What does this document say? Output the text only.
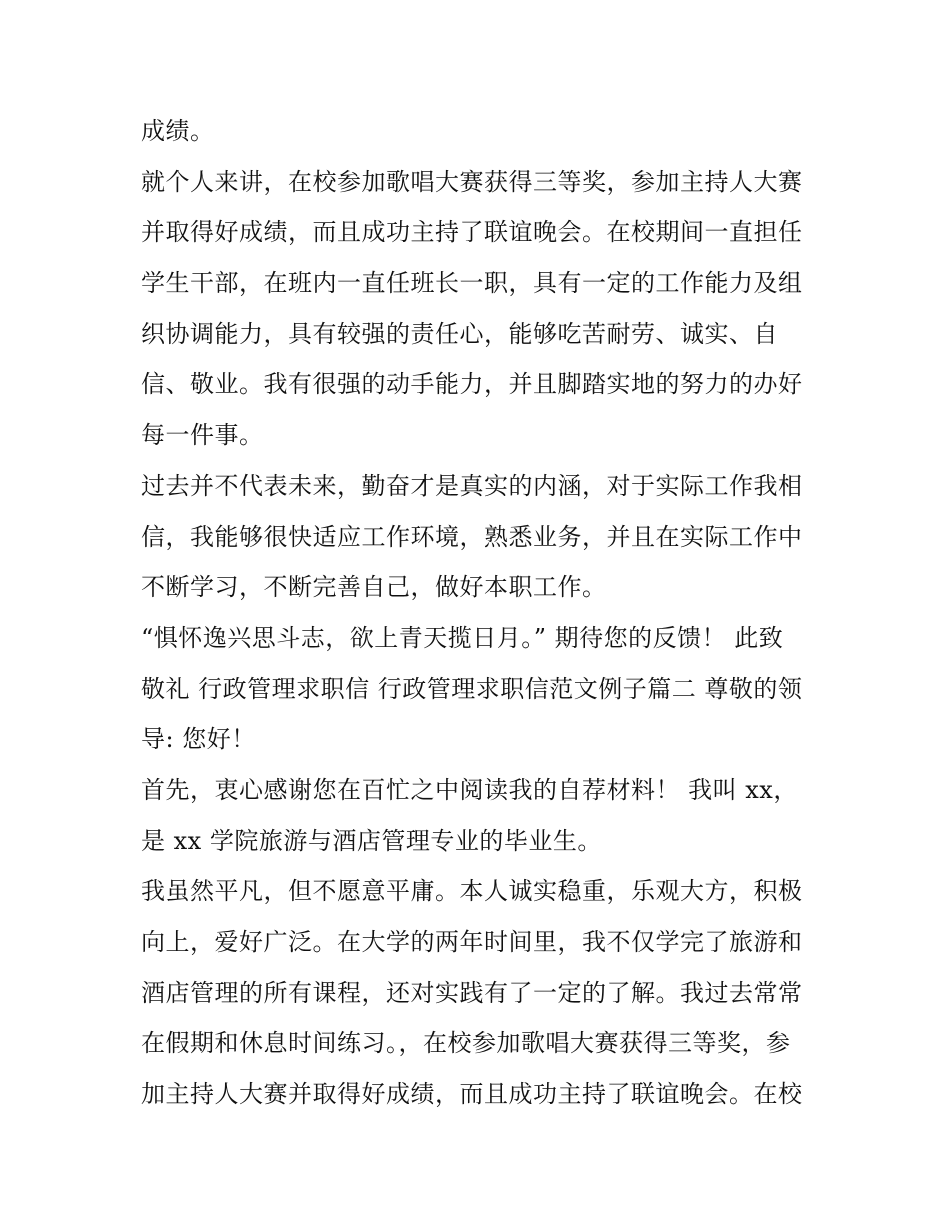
成绩。
就个人来讲，在校参加歌唱大赛获得三等奖，参加主持人大赛
并取得好成绩，而且成功主持了联谊晚会。在校期间一直担任
学生干部，在班内一直任班长一职，具有一定的工作能力及组
织协调能力，具有较强的责任心，能够吃苦耐劳、诚实、自
信、敬业。我有很强的动手能力，并且脚踏实地的努力的办好
每一件事。
过去并不代表未来，勤奋才是真实的内涵，对于实际工作我相
信，我能够很快适应工作环境，熟悉业务，并且在实际工作中
不断学习，不断完善自己，做好本职工作。
“惧怀逸兴思斗志，欲上青天揽日月。” 期待您的反馈！ 此致
敬礼 行政管理求职信 行政管理求职信范文例子篇二 尊敬的领
导: 您好！
首先，衷心感谢您在百忙之中阅读我的自荐材料！ 我叫 xx，
是 xx 学院旅游与酒店管理专业的毕业生。
我虽然平凡，但不愿意平庸。本人诚实稳重，乐观大方，积极
向上，爱好广泛。在大学的两年时间里，我不仅学完了旅游和
酒店管理的所有课程，还对实践有了一定的了解。我过去常常
在假期和休息时间练习。，在校参加歌唱大赛获得三等奖，参
加主持人大赛并取得好成绩，而且成功主持了联谊晚会。在校
